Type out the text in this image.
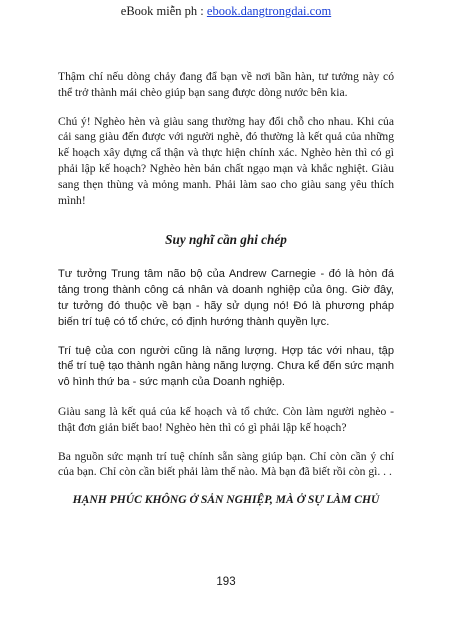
eBook miễn ph : ebook.dangtrongdai.com

Thậm chí nếu dòng chảy đang đẩ bạn về nơi bần hàn, tư tưởng này có thể trở thành mái chèo giúp bạn sang được dòng nước bên kia.

Chú ý! Nghèo hèn và giàu sang thường hay đổi chỗ cho nhau. Khi của cải sang giàu đến được với người nghè, đó thường là kết quả của những kế hoạch xây dựng cẩ thận và thực hiện chính xác. Nghèo hèn thì có gì phải lập kế hoạch? Nghèo hèn bản chất ngạo mạn và khắc nghiệt. Giàu sang thẹn thùng và mỏng manh. Phải làm sao cho giàu sang yêu thích mình!

Suy nghĩ cần ghi chép

Tư tưởng Trung tâm não bộ của Andrew Carnegie - đó là hòn đá tảng trong thành công cá nhân và doanh nghiệp của ông. Giờ đây, tư tưởng đó thuộc về bạn - hãy sử dụng nó! Đó là phương pháp biến trí tuệ có tổ chức, có định hướng thành quyền lực.

Trí tuệ của con người cũng là năng lượng. Hợp tác với nhau, tập thể trí tuệ tạo thành ngân hàng năng lượng. Chưa kể đến sức mạnh vô hình thứ ba - sức mạnh của Doanh nghiệp.

Giàu sang là kết quả của kế hoạch và tổ chức. Còn làm người nghèo - thật đơn giản biết bao! Nghèo hèn thì có gì phải lập kế hoạch?

Ba nguồn sức mạnh trí tuệ chính sẵn sàng giúp bạn. Chỉ còn cần ý chí của bạn. Chỉ còn cần biết phải làm thế nào. Mà bạn đã biết rồi còn gì. . .

HẠNH PHÚC KHÔNG Ở SẢN NGHIỆP, MÀ Ở SỰ LÀM CHỦ
193
